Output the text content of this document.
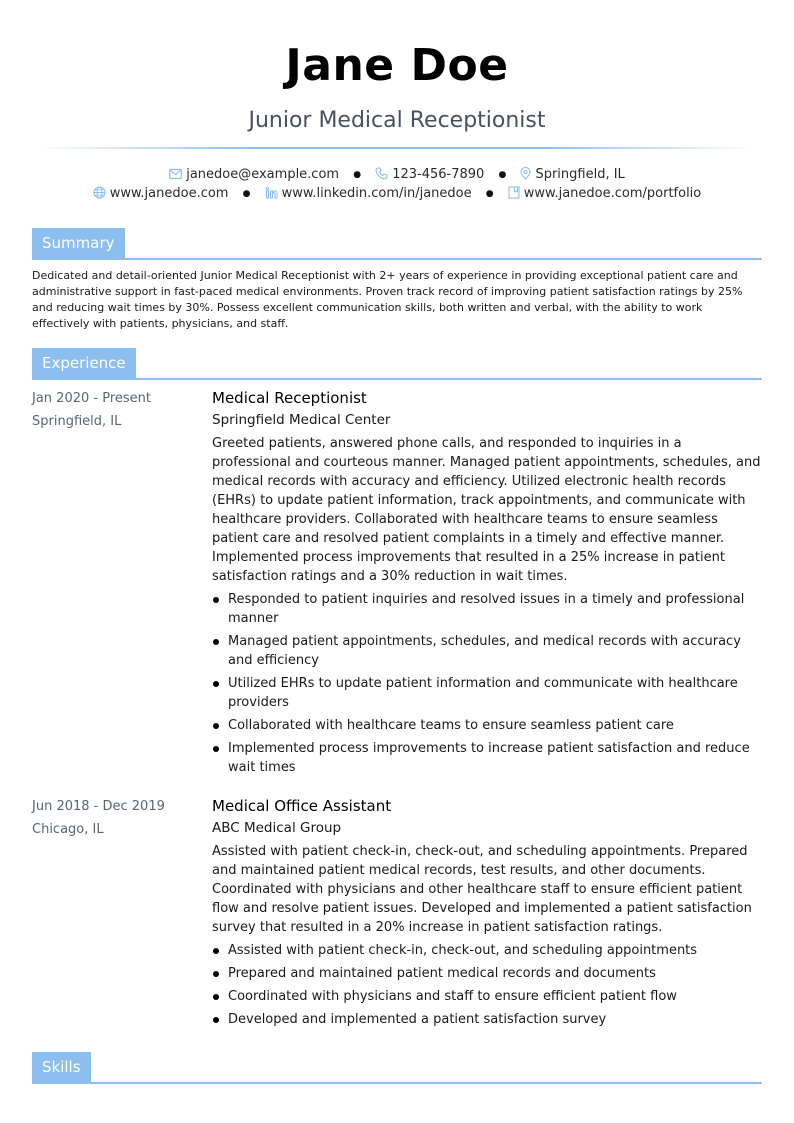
Jane Doe
Junior Medical Receptionist
janedoe@example.com ● 123-456-7890 ● Springfield, IL
www.janedoe.com ● www.linkedin.com/in/janedoe ● www.janedoe.com/portfolio
Summary
Dedicated and detail-oriented Junior Medical Receptionist with 2+ years of experience in providing exceptional patient care and administrative support in fast-paced medical environments. Proven track record of improving patient satisfaction ratings by 25% and reducing wait times by 30%. Possess excellent communication skills, both written and verbal, with the ability to work effectively with patients, physicians, and staff.
Experience
Jan 2020 - Present
Springfield, IL
Medical Receptionist
Springfield Medical Center
Greeted patients, answered phone calls, and responded to inquiries in a professional and courteous manner. Managed patient appointments, schedules, and medical records with accuracy and efficiency. Utilized electronic health records (EHRs) to update patient information, track appointments, and communicate with healthcare providers. Collaborated with healthcare teams to ensure seamless patient care and resolved patient complaints in a timely and effective manner. Implemented process improvements that resulted in a 25% increase in patient satisfaction ratings and a 30% reduction in wait times.
Responded to patient inquiries and resolved issues in a timely and professional manner
Managed patient appointments, schedules, and medical records with accuracy and efficiency
Utilized EHRs to update patient information and communicate with healthcare providers
Collaborated with healthcare teams to ensure seamless patient care
Implemented process improvements to increase patient satisfaction and reduce wait times
Jun 2018 - Dec 2019
Chicago, IL
Medical Office Assistant
ABC Medical Group
Assisted with patient check-in, check-out, and scheduling appointments. Prepared and maintained patient medical records, test results, and other documents. Coordinated with physicians and other healthcare staff to ensure efficient patient flow and resolve patient issues. Developed and implemented a patient satisfaction survey that resulted in a 20% increase in patient satisfaction ratings.
Assisted with patient check-in, check-out, and scheduling appointments
Prepared and maintained patient medical records and documents
Coordinated with physicians and staff to ensure efficient patient flow
Developed and implemented a patient satisfaction survey
Skills
